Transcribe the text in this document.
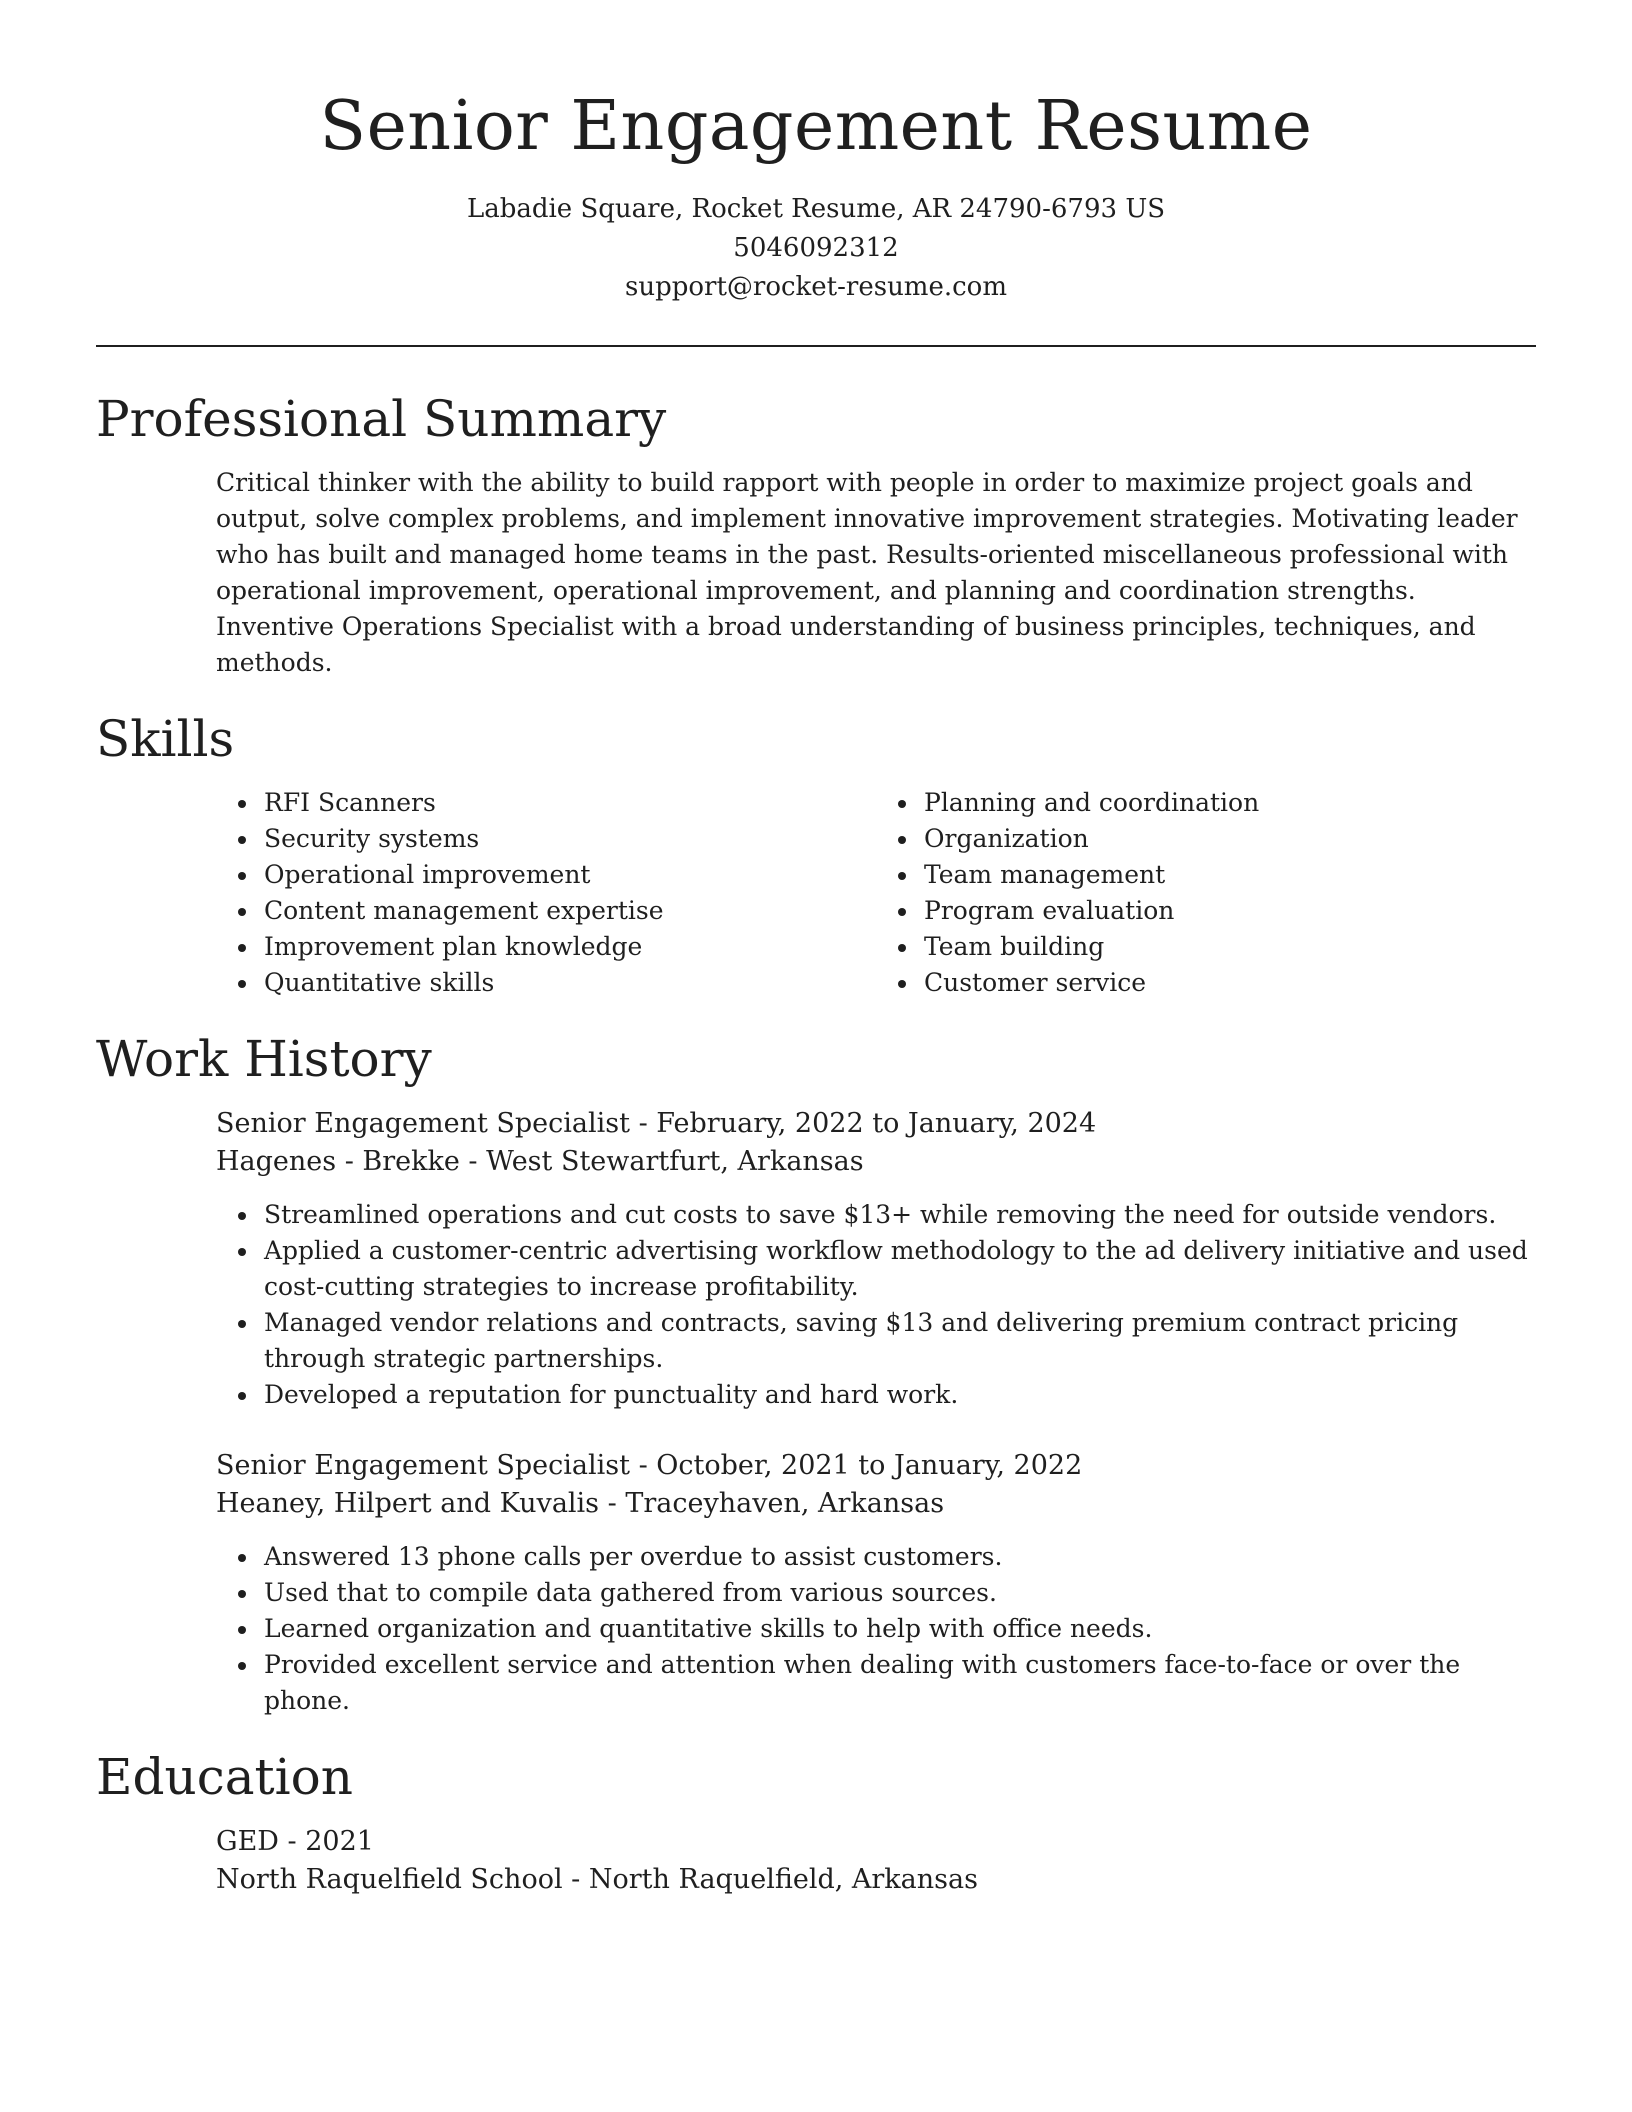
Senior Engagement Resume

Labadie Square, Rocket Resume, AR 24790-6793 US

5046092312

support@rocket-resume.com

Professional Summary

Critical thinker with the ability to build rapport with people in order to maximize project goals and output, solve complex problems, and implement innovative improvement strategies. Motivating leader who has built and managed home teams in the past. Results-oriented miscellaneous professional with operational improvement, operational improvement, and planning and coordination strengths. Inventive Operations Specialist with a broad understanding of business principles, techniques, and methods.

Skills
• RFI Scanners
• Security systems
• Operational improvement
• Content management expertise
• Improvement plan knowledge
• Quantitative skills
• Planning and coordination
• Organization
• Team management
• Program evaluation
• Team building
• Customer service
Work History

Senior Engagement Specialist - February, 2022 to January, 2024

Hagenes - Brekke - West Stewartfurt, Arkansas

• Streamlined operations and cut costs to save $13+ while removing the need for outside vendors.
• Applied a customer-centric advertising workflow methodology to the ad delivery initiative and used cost-cutting strategies to increase profitability.
• Managed vendor relations and contracts, saving $13 and delivering premium contract pricing through strategic partnerships.
• Developed a reputation for punctuality and hard work.

Senior Engagement Specialist - October, 2021 to January, 2022

Heaney, Hilpert and Kuvalis - Traceyhaven, Arkansas

• Answered 13 phone calls per overdue to assist customers.
• Used that to compile data gathered from various sources.
• Learned organization and quantitative skills to help with office needs.
• Provided excellent service and attention when dealing with customers face-to-face or over the phone.
Education

GED - 2021

North Raquelfield School - North Raquelfield, Arkansas
